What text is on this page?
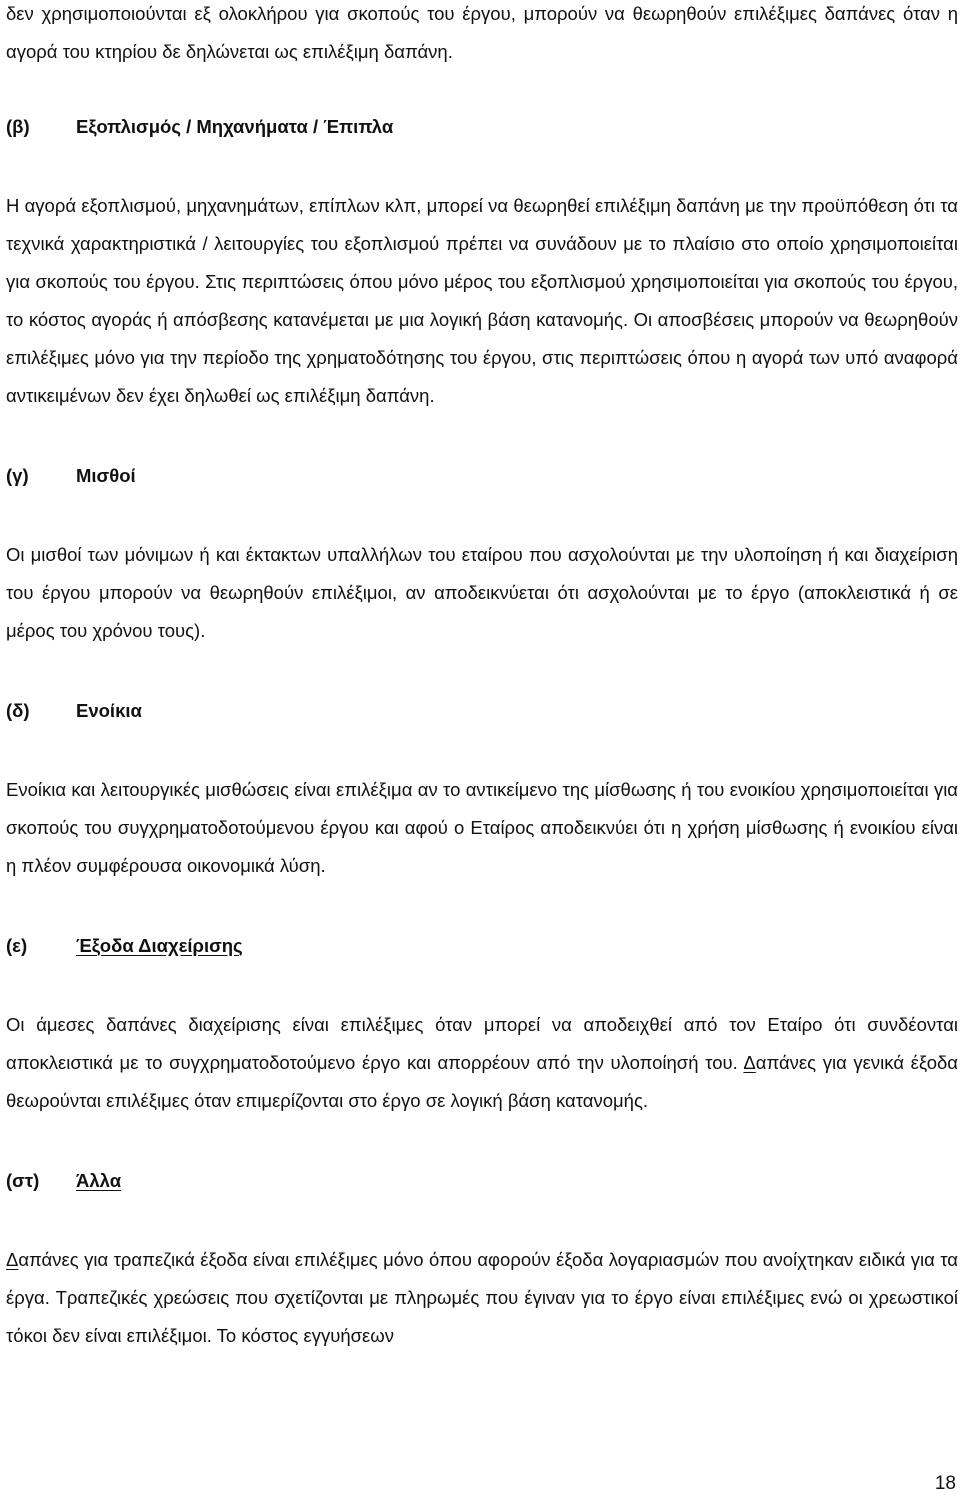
δεν χρησιμοποιούνται εξ ολοκλήρου για σκοπούς του έργου, μπορούν να θεωρηθούν επιλέξιμες δαπάνες όταν η αγορά του κτηρίου δε δηλώνεται ως επιλέξιμη δαπάνη.

(β)	Εξοπλισμός / Μηχανήματα / Έπιπλα

Η αγορά εξοπλισμού, μηχανημάτων, επίπλων κλπ, μπορεί να θεωρηθεί επιλέξιμη δαπάνη με την προϋπόθεση ότι τα τεχνικά χαρακτηριστικά / λειτουργίες του εξοπλισμού πρέπει να συνάδουν με το πλαίσιο στο οποίο χρησιμοποιείται για σκοπούς του έργου. Στις περιπτώσεις όπου μόνο μέρος του εξοπλισμού χρησιμοποιείται για σκοπούς του έργου, το κόστος αγοράς ή απόσβεσης κατανέμεται με μια λογική βάση κατανομής. Οι αποσβέσεις μπορούν να θεωρηθούν επιλέξιμες μόνο για την περίοδο της χρηματοδότησης του έργου, στις περιπτώσεις όπου η αγορά των υπό αναφορά αντικειμένων δεν έχει δηλωθεί ως επιλέξιμη δαπάνη.

(γ)	Μισθοί

Οι μισθοί των μόνιμων ή και έκτακτων υπαλλήλων του εταίρου που ασχολούνται με την υλοποίηση ή και διαχείριση του έργου μπορούν να θεωρηθούν επιλέξιμοι, αν αποδεικνύεται ότι ασχολούνται με το έργο (αποκλειστικά ή σε μέρος του χρόνου τους).

(δ)	Ενοίκια

Ενοίκια και λειτουργικές μισθώσεις είναι επιλέξιμα αν το αντικείμενο της μίσθωσης ή του ενοικίου χρησιμοποιείται για σκοπούς του συγχρηματοδοτούμενου έργου και αφού ο Εταίρος αποδεικνύει ότι η χρήση μίσθωσης ή ενοικίου είναι η πλέον συμφέρουσα οικονομικά λύση.

(ε)	Έξοδα Διαχείρισης

Οι άμεσες δαπάνες διαχείρισης είναι επιλέξιμες όταν μπορεί να αποδειχθεί από τον Εταίρο ότι συνδέονται αποκλειστικά με το συγχρηματοδοτούμενο έργο και απορρέουν από την υλοποίησή του. Δαπάνες για γενικά έξοδα θεωρούνται επιλέξιμες όταν επιμερίζονται στο έργο σε λογική βάση κατανομής.

(στ)	Άλλα

Δαπάνες για τραπεζικά έξοδα είναι επιλέξιμες μόνο όπου αφορούν έξοδα λογαριασμών που ανοίχτηκαν ειδικά για τα έργα. Τραπεζικές χρεώσεις που σχετίζονται με πληρωμές που έγιναν για το έργο είναι επιλέξιμες ενώ οι χρεωστικοί τόκοι δεν είναι επιλέξιμοι. Το κόστος εγγυήσεων

18
